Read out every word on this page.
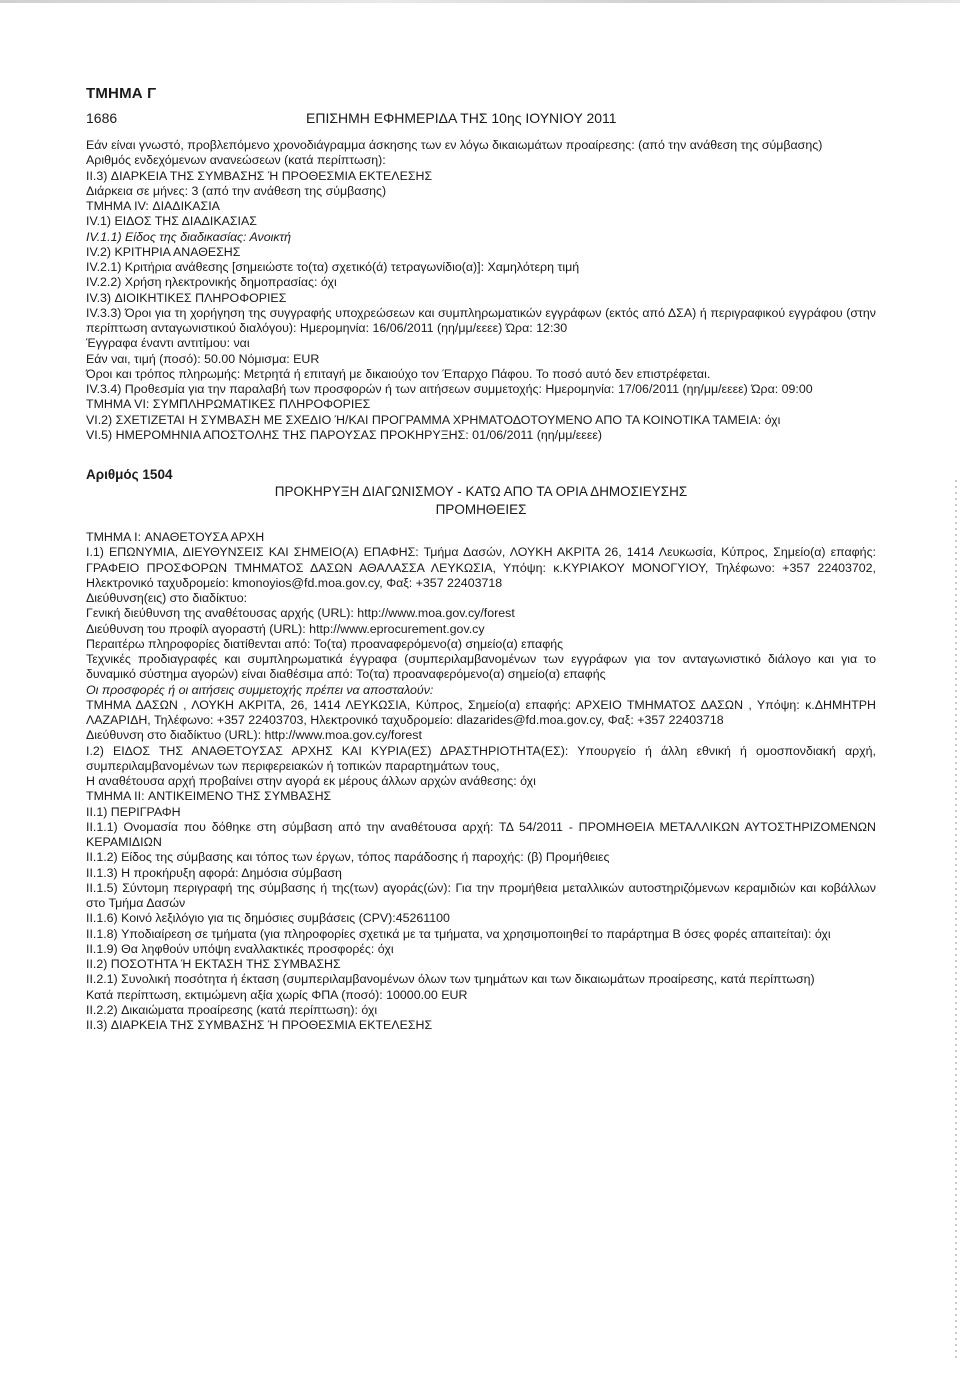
ΤΜΗΜΑ Γ
1686	ΕΠΙΣΗΜΗ ΕΦΗΜΕΡΙΔΑ ΤΗΣ 10ης ΙΟΥΝΙΟΥ 2011

Εάν είναι γνωστό, προβλεπόμενο χρονοδιάγραμμα άσκησης των εν λόγω δικαιωμάτων προαίρεσης: (από την ανάθεση της σύμβασης)

Αριθμός ενδεχόμενων ανανεώσεων (κατά περίπτωση):

II.3) ΔΙΑΡΚΕΙΑ ΤΗΣ ΣΥΜΒΑΣΗΣ Ή ΠΡΟΘΕΣΜΙΑ ΕΚΤΕΛΕΣΗΣ

Διάρκεια σε μήνες: 3 (από την ανάθεση της σύμβασης)

ΤΜΗΜΑ IV: ΔΙΑΔΙΚΑΣΙΑ

IV.1) ΕΙΔΟΣ ΤΗΣ ΔΙΑΔΙΚΑΣΙΑΣ

IV.1.1) Είδος της διαδικασίας: Ανοικτή

IV.2) ΚΡΙΤΗΡΙΑ ΑΝΑΘΕΣΗΣ

IV.2.1) Κριτήρια ανάθεσης [σημειώστε το(τα) σχετικό(ά) τετραγωνίδιο(α)]: Χαμηλότερη τιμή

IV.2.2) Χρήση ηλεκτρονικής δημοπρασίας: όχι

IV.3) ΔΙΟΙΚΗΤΙΚΕΣ ΠΛΗΡΟΦΟΡΙΕΣ

IV.3.3) Όροι για τη χορήγηση της συγγραφής υποχρεώσεων και συμπληρωματικών εγγράφων (εκτός από ΔΣΑ) ή περιγραφικού εγγράφου (στην περίπτωση ανταγωνιστικού διαλόγου): Ημερομηνία: 16/06/2011 (ηη/μμ/εεεε) Ώρα: 12:30

Έγγραφα έναντι αντιτίμου: ναι

Εάν ναι, τιμή (ποσό): 50.00 Νόμισμα: EUR

Όροι και τρόπος πληρωμής: Μετρητά ή επιταγή με δικαιούχο τον Έπαρχο Πάφου. Το ποσό αυτό δεν επιστρέφεται.

IV.3.4) Προθεσμία για την παραλαβή των προσφορών ή των αιτήσεων συμμετοχής: Ημερομηνία: 17/06/2011 (ηη/μμ/εεεε) Ώρα: 09:00

ΤΜΗΜΑ VI: ΣΥΜΠΛΗΡΩΜΑΤΙΚΕΣ ΠΛΗΡΟΦΟΡΙΕΣ

VI.2) ΣΧΕΤΙΖΕΤΑΙ Η ΣΥΜΒΑΣΗ ΜΕ ΣΧΕΔΙΟ Ή/ΚΑΙ ΠΡΟΓΡΑΜΜΑ ΧΡΗΜΑΤΟΔΟΤΟΥΜΕΝΟ ΑΠΟ ΤΑ ΚΟΙΝΟΤΙΚΑ ΤΑΜΕΙΑ: όχι

VI.5) ΗΜΕΡΟΜΗΝΙΑ ΑΠΟΣΤΟΛΗΣ ΤΗΣ ΠΑΡΟΥΣΑΣ ΠΡΟΚΗΡΥΞΗΣ: 01/06/2011 (ηη/μμ/εεεε)

Αριθμός 1504
ΠΡΟΚΗΡΥΞΗ ΔΙΑΓΩΝΙΣΜΟΥ - ΚΑΤΩ ΑΠΟ ΤΑ ΟΡΙΑ ΔΗΜΟΣΙΕΥΣΗΣ
ΠΡΟΜΗΘΕΙΕΣ

ΤΜΗΜΑ I: ΑΝΑΘΕΤΟΥΣΑ ΑΡΧΗ

I.1) ΕΠΩΝΥΜΙΑ, ΔΙΕΥΘΥΝΣΕΙΣ ΚΑΙ ΣΗΜΕΙΟ(Α) ΕΠΑΦΗΣ: Τμήμα Δασών, ΛΟΥΚΗ ΑΚΡΙΤΑ 26, 1414 Λευκωσία, Κύπρος, Σημείο(α) επαφής: ΓΡΑΦΕΙΟ ΠΡΟΣΦΟΡΩΝ ΤΜΗΜΑΤΟΣ ΔΑΣΩΝ ΑΘΑΛΑΣΣΑ ΛΕΥΚΩΣΙΑ, Υπόψη: κ.ΚΥΡΙΑΚΟΥ ΜΟΝΟΓΥΙΟΥ, Τηλέφωνο: +357 22403702, Ηλεκτρονικό ταχυδρομείο: kmonoyios@fd.moa.gov.cy, Φαξ: +357 22403718

Διεύθυνση(εις) στο διαδίκτυο:

Γενική διεύθυνση της αναθέτουσας αρχής (URL): http://www.moa.gov.cy/forest

Διεύθυνση του προφίλ αγοραστή (URL): http://www.eprocurement.gov.cy

Περαιτέρω πληροφορίες διατίθενται από: Το(τα) προαναφερόμενο(α) σημείο(α) επαφής

Τεχνικές προδιαγραφές και συμπληρωματικά έγγραφα (συμπεριλαμβανομένων των εγγράφων για τον ανταγωνιστικό διάλογο και για το δυναμικό σύστημα αγορών) είναι διαθέσιμα από: Το(τα) προαναφερόμενο(α) σημείο(α) επαφής

Οι προσφορές ή οι αιτήσεις συμμετοχής πρέπει να αποσταλούν:

ΤΜΗΜΑ ΔΑΣΩΝ , ΛΟΥΚΗ ΑΚΡΙΤΑ, 26, 1414 ΛΕΥΚΩΣΙΑ, Κύπρος, Σημείο(α) επαφής: ΑΡΧΕΙΟ ΤΜΗΜΑΤΟΣ ΔΑΣΩΝ , Υπόψη: κ.ΔΗΜΗΤΡΗ ΛΑΖΑΡΙΔΗ, Τηλέφωνο: +357 22403703, Ηλεκτρονικό ταχυδρομείο: dlazarides@fd.moa.gov.cy, Φαξ: +357 22403718

Διεύθυνση στο διαδίκτυο (URL): http://www.moa.gov.cy/forest

I.2) ΕΙΔΟΣ ΤΗΣ ΑΝΑΘΕΤΟΥΣΑΣ ΑΡΧΗΣ ΚΑΙ ΚΥΡΙΑ(ΕΣ) ΔΡΑΣΤΗΡΙΟΤΗΤΑ(ΕΣ): Υπουργείο ή άλλη εθνική ή ομοσπονδιακή αρχή, συμπεριλαμβανομένων των περιφερειακών ή τοπικών παραρτημάτων τους,

Η αναθέτουσα αρχή προβαίνει στην αγορά εκ μέρους άλλων αρχών ανάθεσης: όχι

ΤΜΗΜΑ II: ΑΝΤΙΚΕΙΜΕΝΟ ΤΗΣ ΣΥΜΒΑΣΗΣ

II.1) ΠΕΡΙΓΡΑΦΗ

II.1.1) Ονομασία που δόθηκε στη σύμβαση από την αναθέτουσα αρχή: ΤΔ 54/2011 - ΠΡΟΜΗΘΕΙΑ ΜΕΤΑΛΛΙΚΩΝ ΑΥΤΟΣΤΗΡΙΖΟΜΕΝΩΝ ΚΕΡΑΜΙΔΙΩΝ

II.1.2) Είδος της σύμβασης και τόπος των έργων, τόπος παράδοσης ή παροχής: (β) Προμήθειες

II.1.3) Η προκήρυξη αφορά: Δημόσια σύμβαση

II.1.5) Σύντομη περιγραφή της σύμβασης ή της(των) αγοράς(ών): Για την προμήθεια μεταλλικών αυτοστηριζόμενων κεραμιδιών και κοβάλλων στο Τμήμα Δασών

II.1.6) Κοινό λεξιλόγιο για τις δημόσιες συμβάσεις (CPV):45261100

II.1.8) Υποδιαίρεση σε τμήματα (για πληροφορίες σχετικά με τα τμήματα, να χρησιμοποιηθεί το παράρτημα Β όσες φορές απαιτείται): όχι

II.1.9) Θα ληφθούν υπόψη εναλλακτικές προσφορές: όχι

II.2) ΠΟΣΟΤΗΤΑ Ή ΕΚΤΑΣΗ ΤΗΣ ΣΥΜΒΑΣΗΣ

II.2.1) Συνολική ποσότητα ή έκταση (συμπεριλαμβανομένων όλων των τμημάτων και των δικαιωμάτων προαίρεσης, κατά περίπτωση)

Κατά περίπτωση, εκτιμώμενη αξία χωρίς ΦΠΑ (ποσό): 10000.00 EUR

II.2.2) Δικαιώματα προαίρεσης (κατά περίπτωση): όχι

II.3) ΔΙΑΡΚΕΙΑ ΤΗΣ ΣΥΜΒΑΣΗΣ Ή ΠΡΟΘΕΣΜΙΑ ΕΚΤΕΛΕΣΗΣ
